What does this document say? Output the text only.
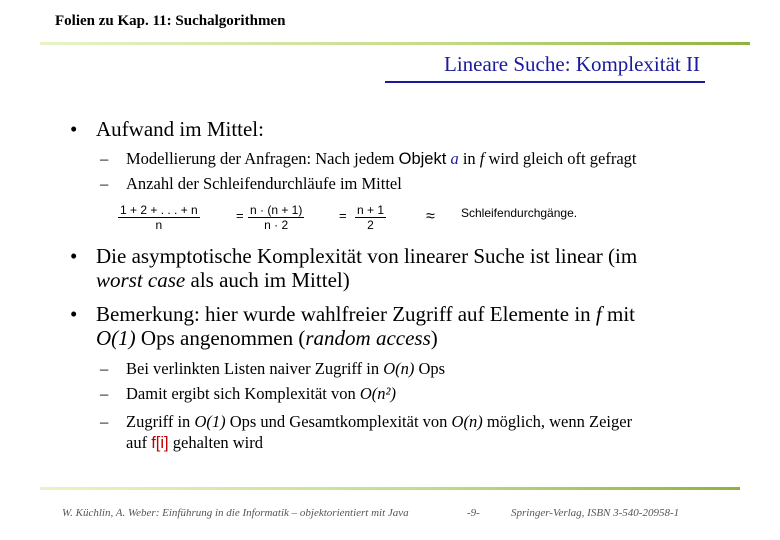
Folien zu Kap. 11: Suchalgorithmen
Lineare Suche: Komplexität II
• Aufwand im Mittel:
– Modellierung der Anfragen: Nach jedem Objekt a in f wird gleich oft gefragt
– Anzahl der Schleifendurchläufe im Mittel
$\frac{1 + 2 + . . . + n}{n}$	= $\frac{n \cdot (n + 1)}{n \cdot 2}$	= $\frac{n + 1}{2}$ ≈ Schleifendurchgänge.
• Die asymptotische Komplexität von linearer Suche ist linear (im
worst case als auch im Mittel)
• Bemerkung: hier wurde wahlfreier Zugriff auf Elemente in f mit
O(1) Ops angenommen (random access)
– Bei verlinkten Listen naiver Zugriff in O(n) Ops
– Damit ergibt sich Komplexität von O(n²)
– Zugriff in O(1) Ops und Gesamtkomplexität von O(n) möglich, wenn Zeiger
auf f[i] gehalten wird
W. Küchlin, A. Weber: Einführung in die Informatik – objektorientiert mit Java	-9-	Springer-Verlag, ISBN 3-540-20958-1
